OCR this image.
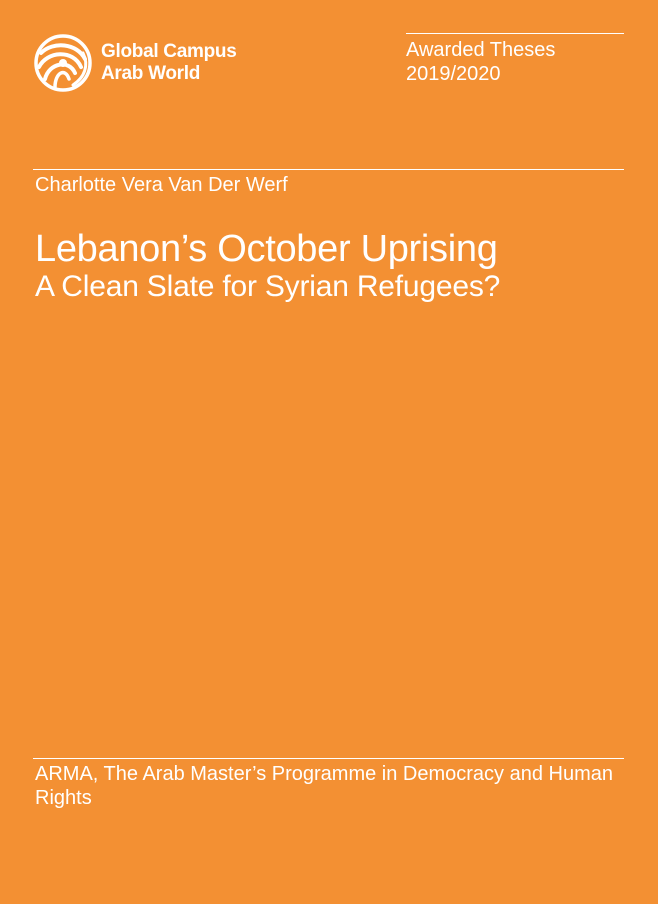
Global Campus
Arab World
Awarded Theses
2019/2020
Charlotte Vera Van Der Werf
Lebanon’s October Uprising
A Clean Slate for Syrian Refugees?
ARMA, The Arab Master’s Programme in Democracy and Human Rights
